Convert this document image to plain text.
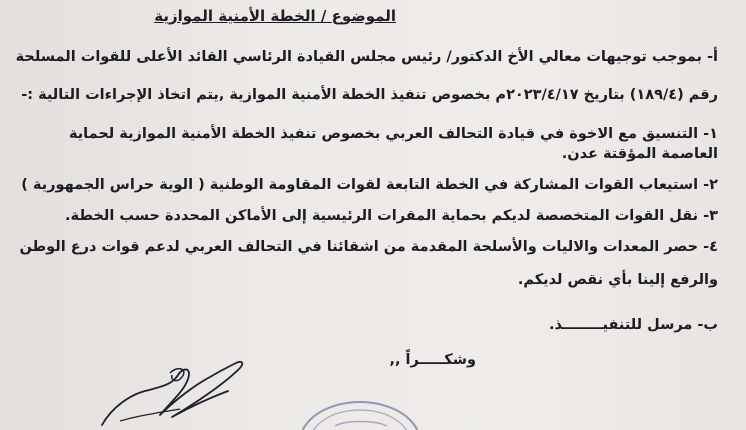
الموضوع / الخطة الأمنية الموازية
أ- بموجب توجيهات معالي الأخ الدكتور/ رئيس مجلس القيادة الرئاسي القائد الأعلى للقوات المسلحة
رقم (١٨٩/٤) بتاريخ ٢٠٢٣/٤/١٧م بخصوص تنفيذ الخطة الأمنية الموازية ,يتم اتخاذ الإجراءات التالية :-
١- التنسيق مع الاخوة في قيادة التحالف العربي بخصوص تنفيذ الخطة الأمنية الموازية لحماية
العاصمة المؤقتة عدن.
٢- استيعاب القوات المشاركة في الخطة التابعة لقوات المقاومة الوطنية ( الوية حراس الجمهورية )
٣- نقل القوات المتخصصة لديكم بحماية المقرات الرئيسية إلى الأماكن المحددة حسب الخطة.
٤- حصر المعدات والاليات والأسلحة المقدمة من اشقائنا في التحالف العربي لدعم قوات درع الوطن
والرفع إلينا بأي نقص لديكم.
ب- مرسل للتنفيــــــــذ.
وشكـــــراً ,,
